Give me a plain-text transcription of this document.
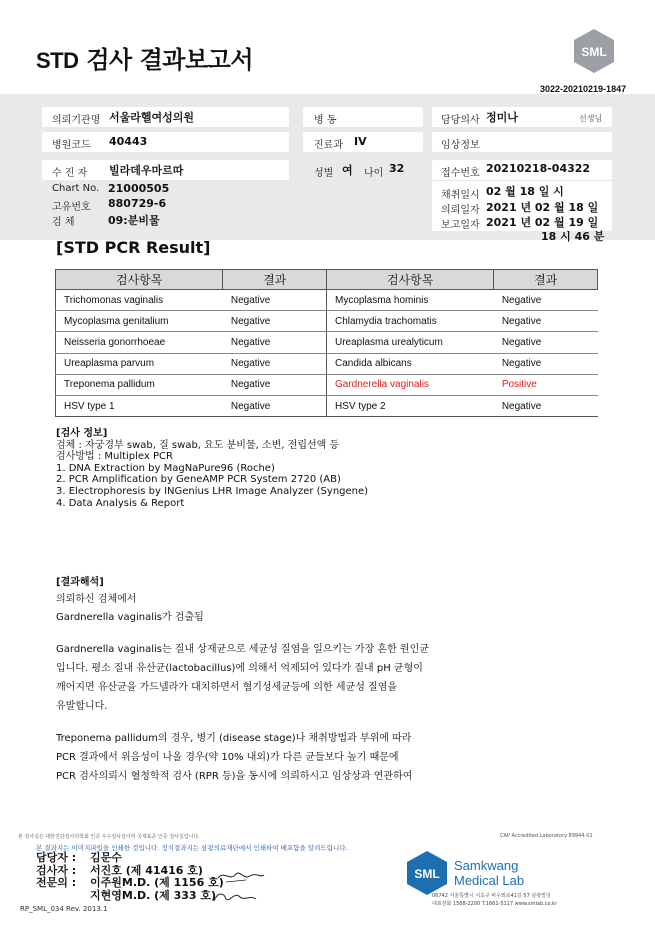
STD 검사 결과보고서	SML
3022-20210219-1847
의뢰기관명 서울라헬여성의원	병 동	담당의사 정미나	선생님
병원코드 40443	진료과 IV	임상정보
수 진 자 빌라데우마르따	성별 여 나이 32	접수번호 20210218-04322
Chart No. 21000505
고유번호 880729-6
검 체	09:분비물
채취일시 02 월 18 일 시
의뢰일자 2021 년 02 월 18 일
보고일자 2021 년 02 월 19 일
18 시 46 분
[STD PCR Result]
검사항목	결과	검사항목	결과
Trichomonas vaginalis	Negative	Mycoplasma hominis	Negative
Mycoplasma genitalium	Negative	Chlamydia trachomatis	Negative
Neisseria gonorrhoeae	Negative	Ureaplasma urealyticum	Negative
Ureaplasma parvum	Negative	Candida albicans	Negative
Treponema pallidum	Negative	Gardnerella vaginalis	Positive
HSV type 1	Negative	HSV type 2	Negative
[검사 정보]
검체 : 자궁경부 swab, 질 swab, 요도 분비물, 소변, 전립선액 등
검사방법 : Multiplex PCR
1. DNA Extraction by MagNaPure96 (Roche)
2. PCR Amplification by GeneAMP PCR System 2720 (AB)
3. Electrophoresis by INGenius LHR Image Analyzer (Syngene)
4. Data Analysis & Report
[결과해석]
의뢰하신 검체에서
Gardnerella vaginalis가 검출됨
Gardnerella vaginalis는 질내 상재균으로 세균성 질염을 일으키는 가장 흔한 원인균
입니다. 평소 질내 유산균(lactobacillus)에 의해서 억제되어 있다가 질내 pH 균형이
깨어지면 유산균을 가드넬라가 대치하면서 혐기성세균등에 의한 세균성 질염을
유발합니다.
Treponema pallidum의 경우, 병기 (disease stage)나 채취방법과 부위에 따라
PCR 결과에서 위음성이 나올 경우(약 10% 내외)가 다른 균들보다 높기 때문에
PCR 검사의뢰시 혈청학적 검사 (RPR 등)을 동시에 의뢰하시고 임상상과 연관하여
본 검사실은 대한진단검사의학회 인증 우수검사실이며 국제표준 인증 검사실입니다.	CAP Accredited Laboratory 89944-01
본 결과지는 이미지파일을 인쇄한 것입니다. 정식결과지는 삼광의료재단에서 인쇄하여 배포함을 알려드립니다.
담당자 : 김문수
검사자 : 서진호 (제 41416 호)
전문의 : 이주원M.D. (제 1156 호)
지현영M.D. (제 333 호)
RP_SML_034 Rev. 2013.1
SML
Samkwang
Medical Lab
06742 서울특별시 서초구 바우뫼로41길 57 삼광빌딩
대표전화 1588-2200 T.1661-5117 www.smlab.co.kr
